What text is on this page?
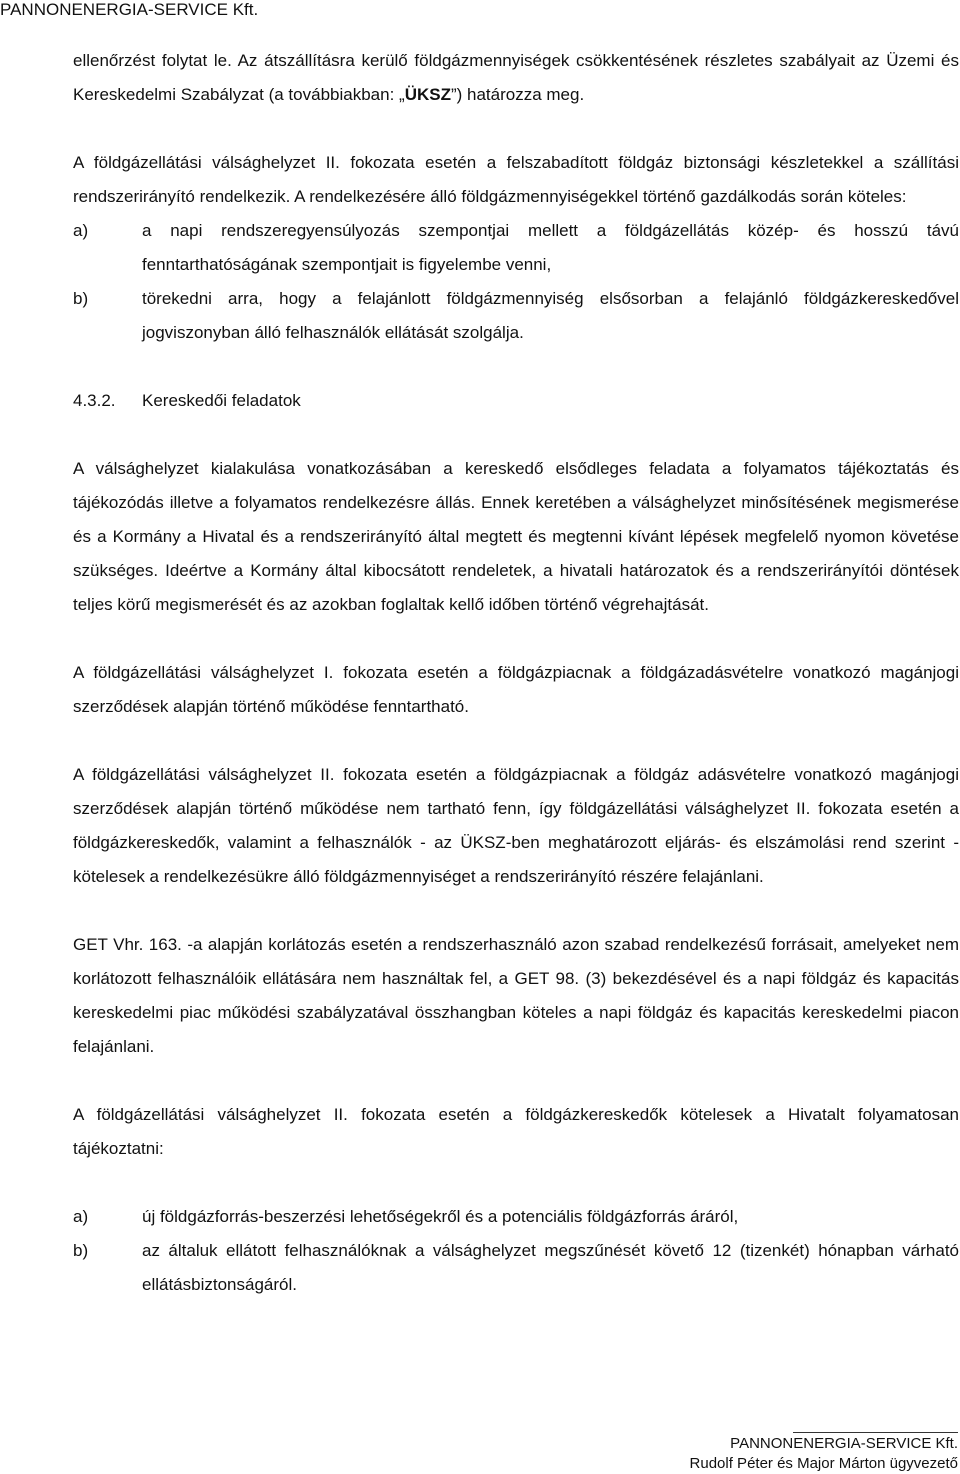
PANNONENERGIA-SERVICE Kft.

ellenőrzést folytat le. Az átszállításra kerülő földgázmennyiségek csökkentésének részletes szabályait az Üzemi és Kereskedelmi Szabályzat (a továbbiakban: „ÜKSZ”) határozza meg.

A földgázellátási válsághelyzet II. fokozata esetén a felszabadított földgáz biztonsági készletekkel a szállítási rendszerirányító rendelkezik. A rendelkezésére álló földgázmennyiségekkel történő gazdálkodás során köteles:

a)	a napi rendszeregyensúlyozás szempontjai mellett a földgázellátás közép- és hosszú távú fenntarthatóságának szempontjait is figyelembe venni,
b)	törekedni arra, hogy a felajánlott földgázmennyiség elsősorban a felajánló földgázkereskedővel jogviszonyban álló felhasználók ellátását szolgálja.
4.3.2.	Kereskedői feladatok

A válsághelyzet kialakulása vonatkozásában a kereskedő elsődleges feladata a folyamatos tájékoztatás és tájékozódás illetve a folyamatos rendelkezésre állás. Ennek keretében a válsághelyzet minősítésének megismerése és a Kormány a Hivatal és a rendszerirányító által megtett és megtenni kívánt lépések megfelelő nyomon követése szükséges. Ideértve a Kormány által kibocsátott rendeletek, a hivatali határozatok és a rendszerirányítói döntések teljes körű megismerését és az azokban foglaltak kellő időben történő végrehajtását.

A földgázellátási válsághelyzet I. fokozata esetén a földgázpiacnak a földgázadásvételre vonatkozó magánjogi szerződések alapján történő működése fenntartható.

A földgázellátási válsághelyzet II. fokozata esetén a földgázpiacnak a földgáz adásvételre vonatkozó magánjogi szerződések alapján történő működése nem tartható fenn, így földgázellátási válsághelyzet II. fokozata esetén a földgázkereskedők, valamint a felhasználók - az ÜKSZ-ben meghatározott eljárás- és elszámolási rend szerint - kötelesek a rendelkezésükre álló földgázmennyiséget a rendszerirányító részére felajánlani.

GET Vhr. 163. -a alapján korlátozás esetén a rendszerhasználó azon szabad rendelkezésű forrásait, amelyeket nem korlátozott felhasználóik ellátására nem használtak fel, a GET 98. (3) bekezdésével és a napi földgáz és kapacitás kereskedelmi piac működési szabályzatával összhangban köteles a napi földgáz és kapacitás kereskedelmi piacon felajánlani.

A földgázellátási válsághelyzet II. fokozata esetén a földgázkereskedők kötelesek a Hivatalt folyamatosan tájékoztatni:

a)	új földgázforrás-beszerzési lehetőségekről és a potenciális földgázforrás áráról,
b)	az általuk ellátott felhasználóknak a válsághelyzet megszűnését követő 12 (tizenkét) hónapban várható ellátásbiztonságáról.
PANNONENERGIA-SERVICE Kft.
Rudolf Péter és Major Márton ügyvezető
